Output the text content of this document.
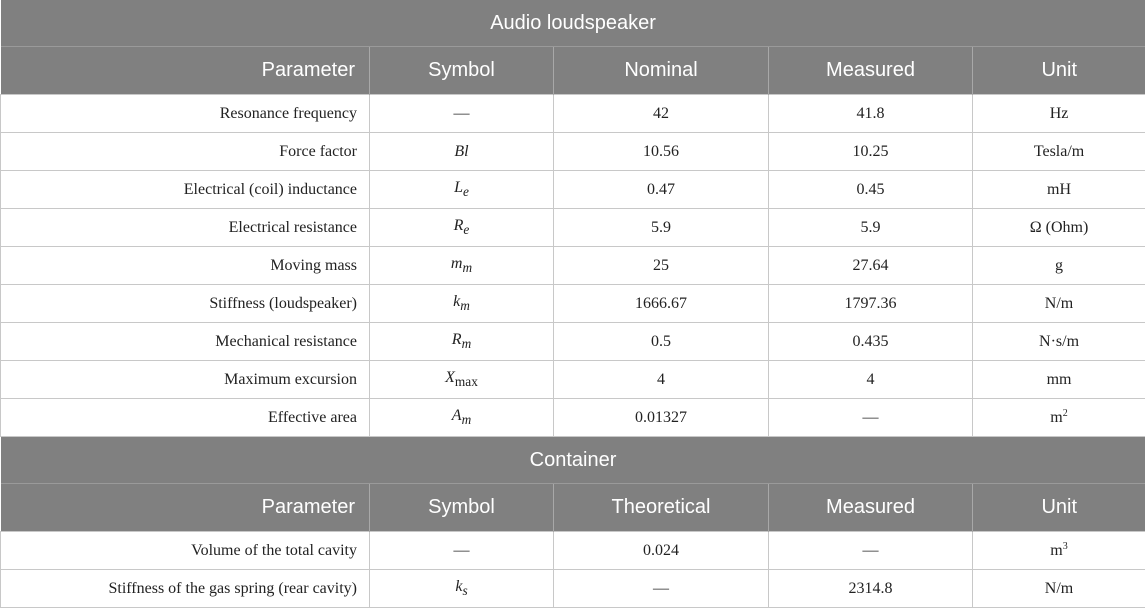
Audio loudspeaker				
Parameter	Symbol	Nominal	Measured	Unit
Resonance frequency	—	42	41.8	Hz
Force factor	Bl	10.56	10.25	Tesla/m
Electrical (coil) inductance	$L_e$	0.47	0.45	mH
Electrical resistance	$R_e$	5.9	5.9	Ω (Ohm)
Moving mass	$m_m$	25	27.64	g
Stiffness (loudspeaker)	$k_m$	1666.67	1797.36	N/m
Mechanical resistance	$R_m$	0.5	0.435	N·s/m
Maximum excursion	$X_{max}$	4	4	mm
Effective area	$A_m$	0.01327	—	$m^2$
Container				
Parameter	Symbol	Theoretical	Measured	Unit
Volume of the total cavity	—	0.024	—	$m^3$
Stiffness of the gas spring (rear cavity)	$k_s$	—	2314.8	N/m
